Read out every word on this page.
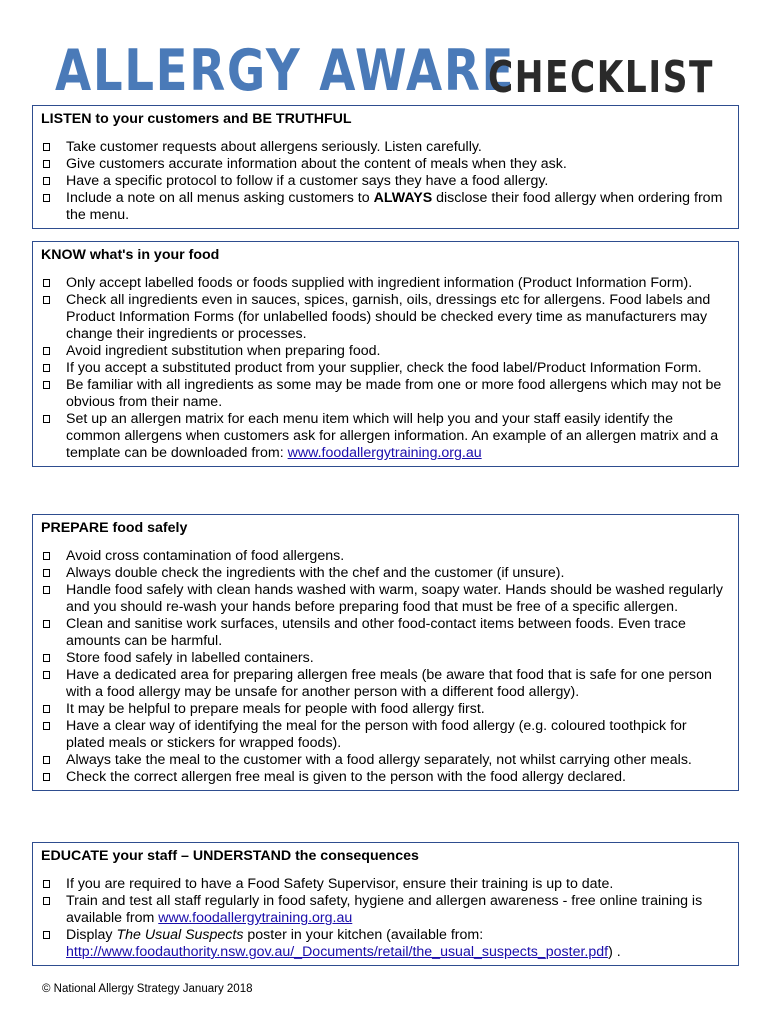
ALLERGY AWARE
CHECKLIST
LISTEN to your customers and BE TRUTHFUL
Take customer requests about allergens seriously. Listen carefully.
Give customers accurate information about the content of meals when they ask.
Have a specific protocol to follow if a customer says they have a food allergy.
Include a note on all menus asking customers to ALWAYS disclose their food allergy when ordering from the menu.
KNOW what's in your food
Only accept labelled foods or foods supplied with ingredient information (Product Information Form).
Check all ingredients even in sauces, spices, garnish, oils, dressings etc for allergens. Food labels and Product Information Forms (for unlabelled foods) should be checked every time as manufacturers may change their ingredients or processes.
Avoid ingredient substitution when preparing food.
If you accept a substituted product from your supplier, check the food label/Product Information Form.
Be familiar with all ingredients as some may be made from one or more food allergens which may not be obvious from their name.
Set up an allergen matrix for each menu item which will help you and your staff easily identify the common allergens when customers ask for allergen information. An example of an allergen matrix and a template can be downloaded from: www.foodallergytraining.org.au
PREPARE food safely
Avoid cross contamination of food allergens.
Always double check the ingredients with the chef and the customer (if unsure).
Handle food safely with clean hands washed with warm, soapy water. Hands should be washed regularly and you should re-wash your hands before preparing food that must be free of a specific allergen.
Clean and sanitise work surfaces, utensils and other food-contact items between foods. Even trace amounts can be harmful.
Store food safely in labelled containers.
Have a dedicated area for preparing allergen free meals (be aware that food that is safe for one person with a food allergy may be unsafe for another person with a different food allergy).
It may be helpful to prepare meals for people with food allergy first.
Have a clear way of identifying the meal for the person with food allergy (e.g. coloured toothpick for plated meals or stickers for wrapped foods).
Always take the meal to the customer with a food allergy separately, not whilst carrying other meals.
Check the correct allergen free meal is given to the person with the food allergy declared.
EDUCATE your staff – UNDERSTAND the consequences
If you are required to have a Food Safety Supervisor, ensure their training is up to date.
Train and test all staff regularly in food safety, hygiene and allergen awareness - free online training is available from www.foodallergytraining.org.au
Display The Usual Suspects poster in your kitchen (available from: http://www.foodauthority.nsw.gov.au/_Documents/retail/the_usual_suspects_poster.pdf) .
© National Allergy Strategy January 2018
